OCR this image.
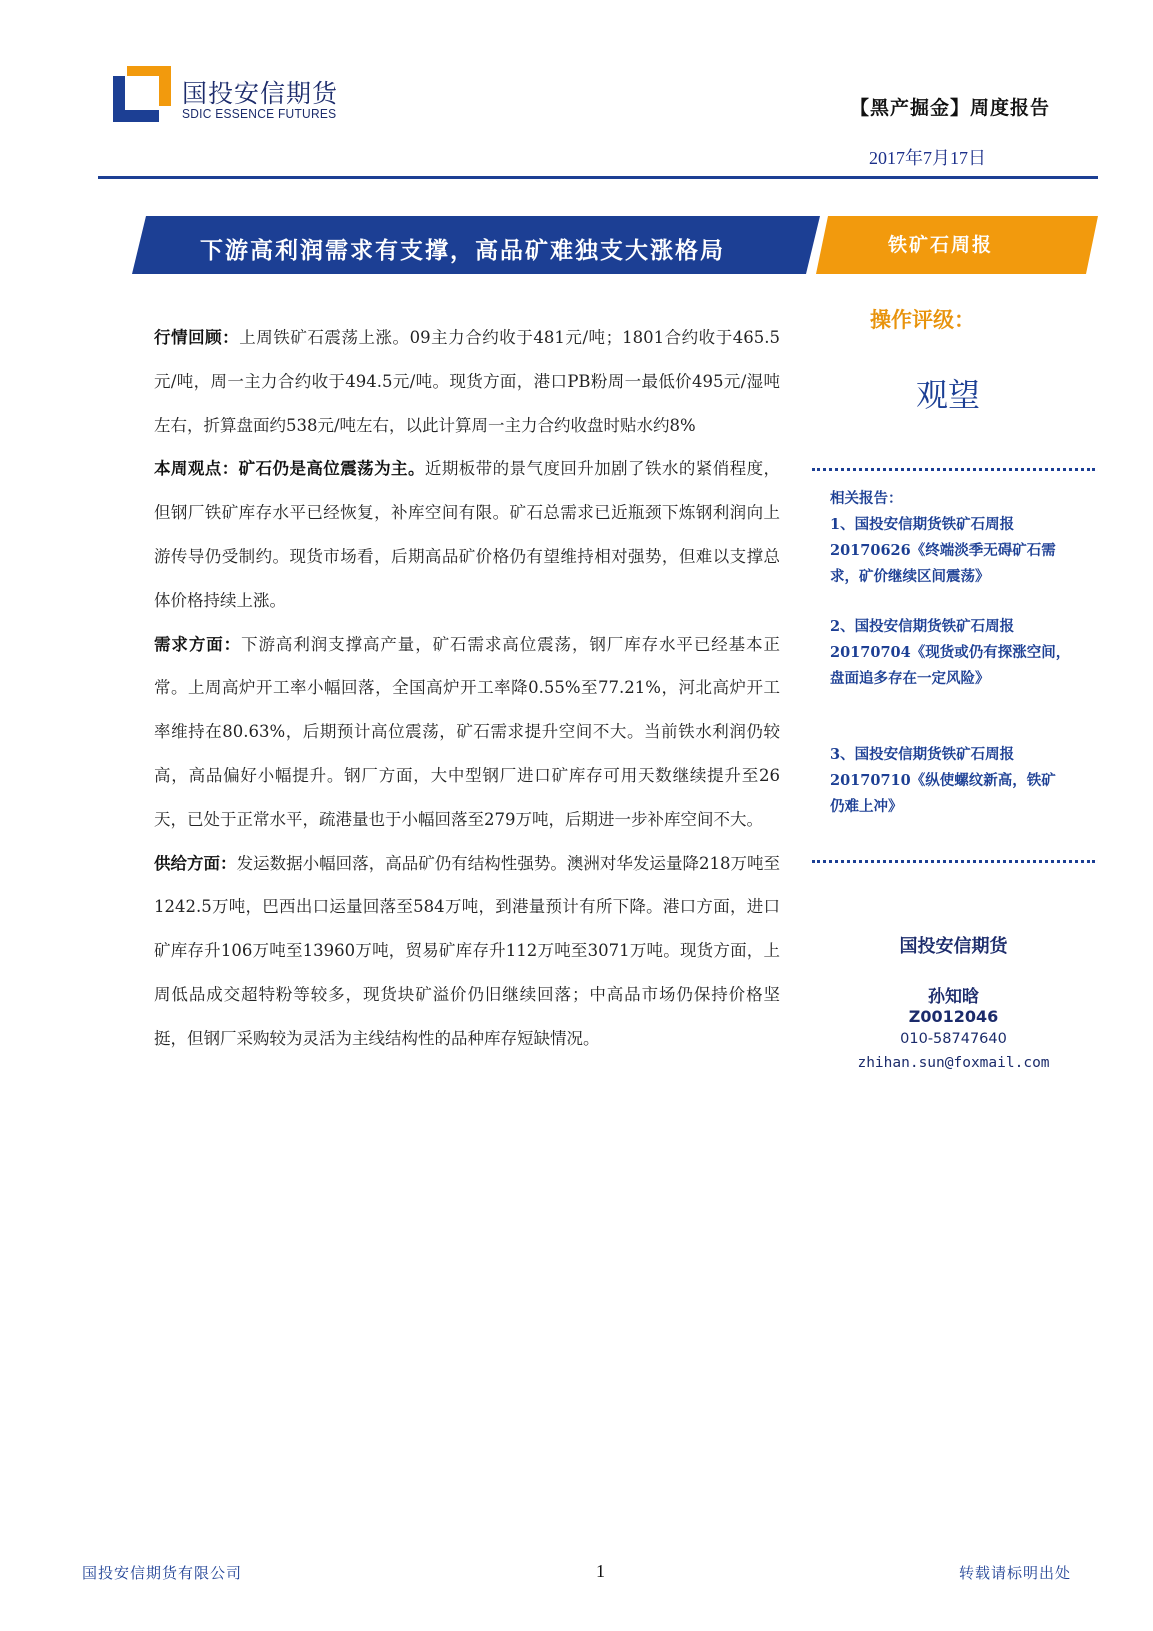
国投安信期货
SDIC ESSENCE FUTURES	【黑产掘金】周度报告
2017年7月17日
下游高利润需求有支撑，高品矿难独支大涨格局	铁矿石周报

行情回顾：上周铁矿石震荡上涨。09主力合约收于481元/吨；1801合约收于465.5元/吨，周一主力合约收于494.5元/吨。现货方面，港口PB粉周一最低价495元/湿吨左右，折算盘面约538元/吨左右，以此计算周一主力合约收盘时贴水约8%

本周观点：矿石仍是高位震荡为主。近期板带的景气度回升加剧了铁水的紧俏程度，但钢厂铁矿库存水平已经恢复，补库空间有限。矿石总需求已近瓶颈下炼钢利润向上游传导仍受制约。现货市场看，后期高品矿价格仍有望维持相对强势，但难以支撑总体价格持续上涨。

需求方面：下游高利润支撑高产量，矿石需求高位震荡，钢厂库存水平已经基本正常。上周高炉开工率小幅回落，全国高炉开工率降0.55%至77.21%，河北高炉开工率维持在80.63%，后期预计高位震荡，矿石需求提升空间不大。当前铁水利润仍较高，高品偏好小幅提升。钢厂方面，大中型钢厂进口矿库存可用天数继续提升至26天，已处于正常水平，疏港量也于小幅回落至279万吨，后期进一步补库空间不大。

供给方面：发运数据小幅回落，高品矿仍有结构性强势。澳洲对华发运量降218万吨至1242.5万吨，巴西出口运量回落至584万吨，到港量预计有所下降。港口方面，进口矿库存升106万吨至13960万吨，贸易矿库存升112万吨至3071万吨。现货方面，上周低品成交超特粉等较多，现货块矿溢价仍旧继续回落；中高品市场仍保持价格坚挺，但钢厂采购较为灵活为主线结构性的品种库存短缺情况。

操作评级：
观望
相关报告：
1、国投安信期货铁矿石周报
20170626《终端淡季无碍矿石需
求，矿价继续区间震荡》
2、国投安信期货铁矿石周报
20170704《现货或仍有探涨空间，
盘面追多存在一定风险》
3、国投安信期货铁矿石周报
20170710《纵使螺纹新高，铁矿
仍难上冲》
国投安信期货
孙知晗
Z0012046
010-58747640
zhihan.sun@foxmail.com
国投安信期货有限公司	1	转载请标明出处
